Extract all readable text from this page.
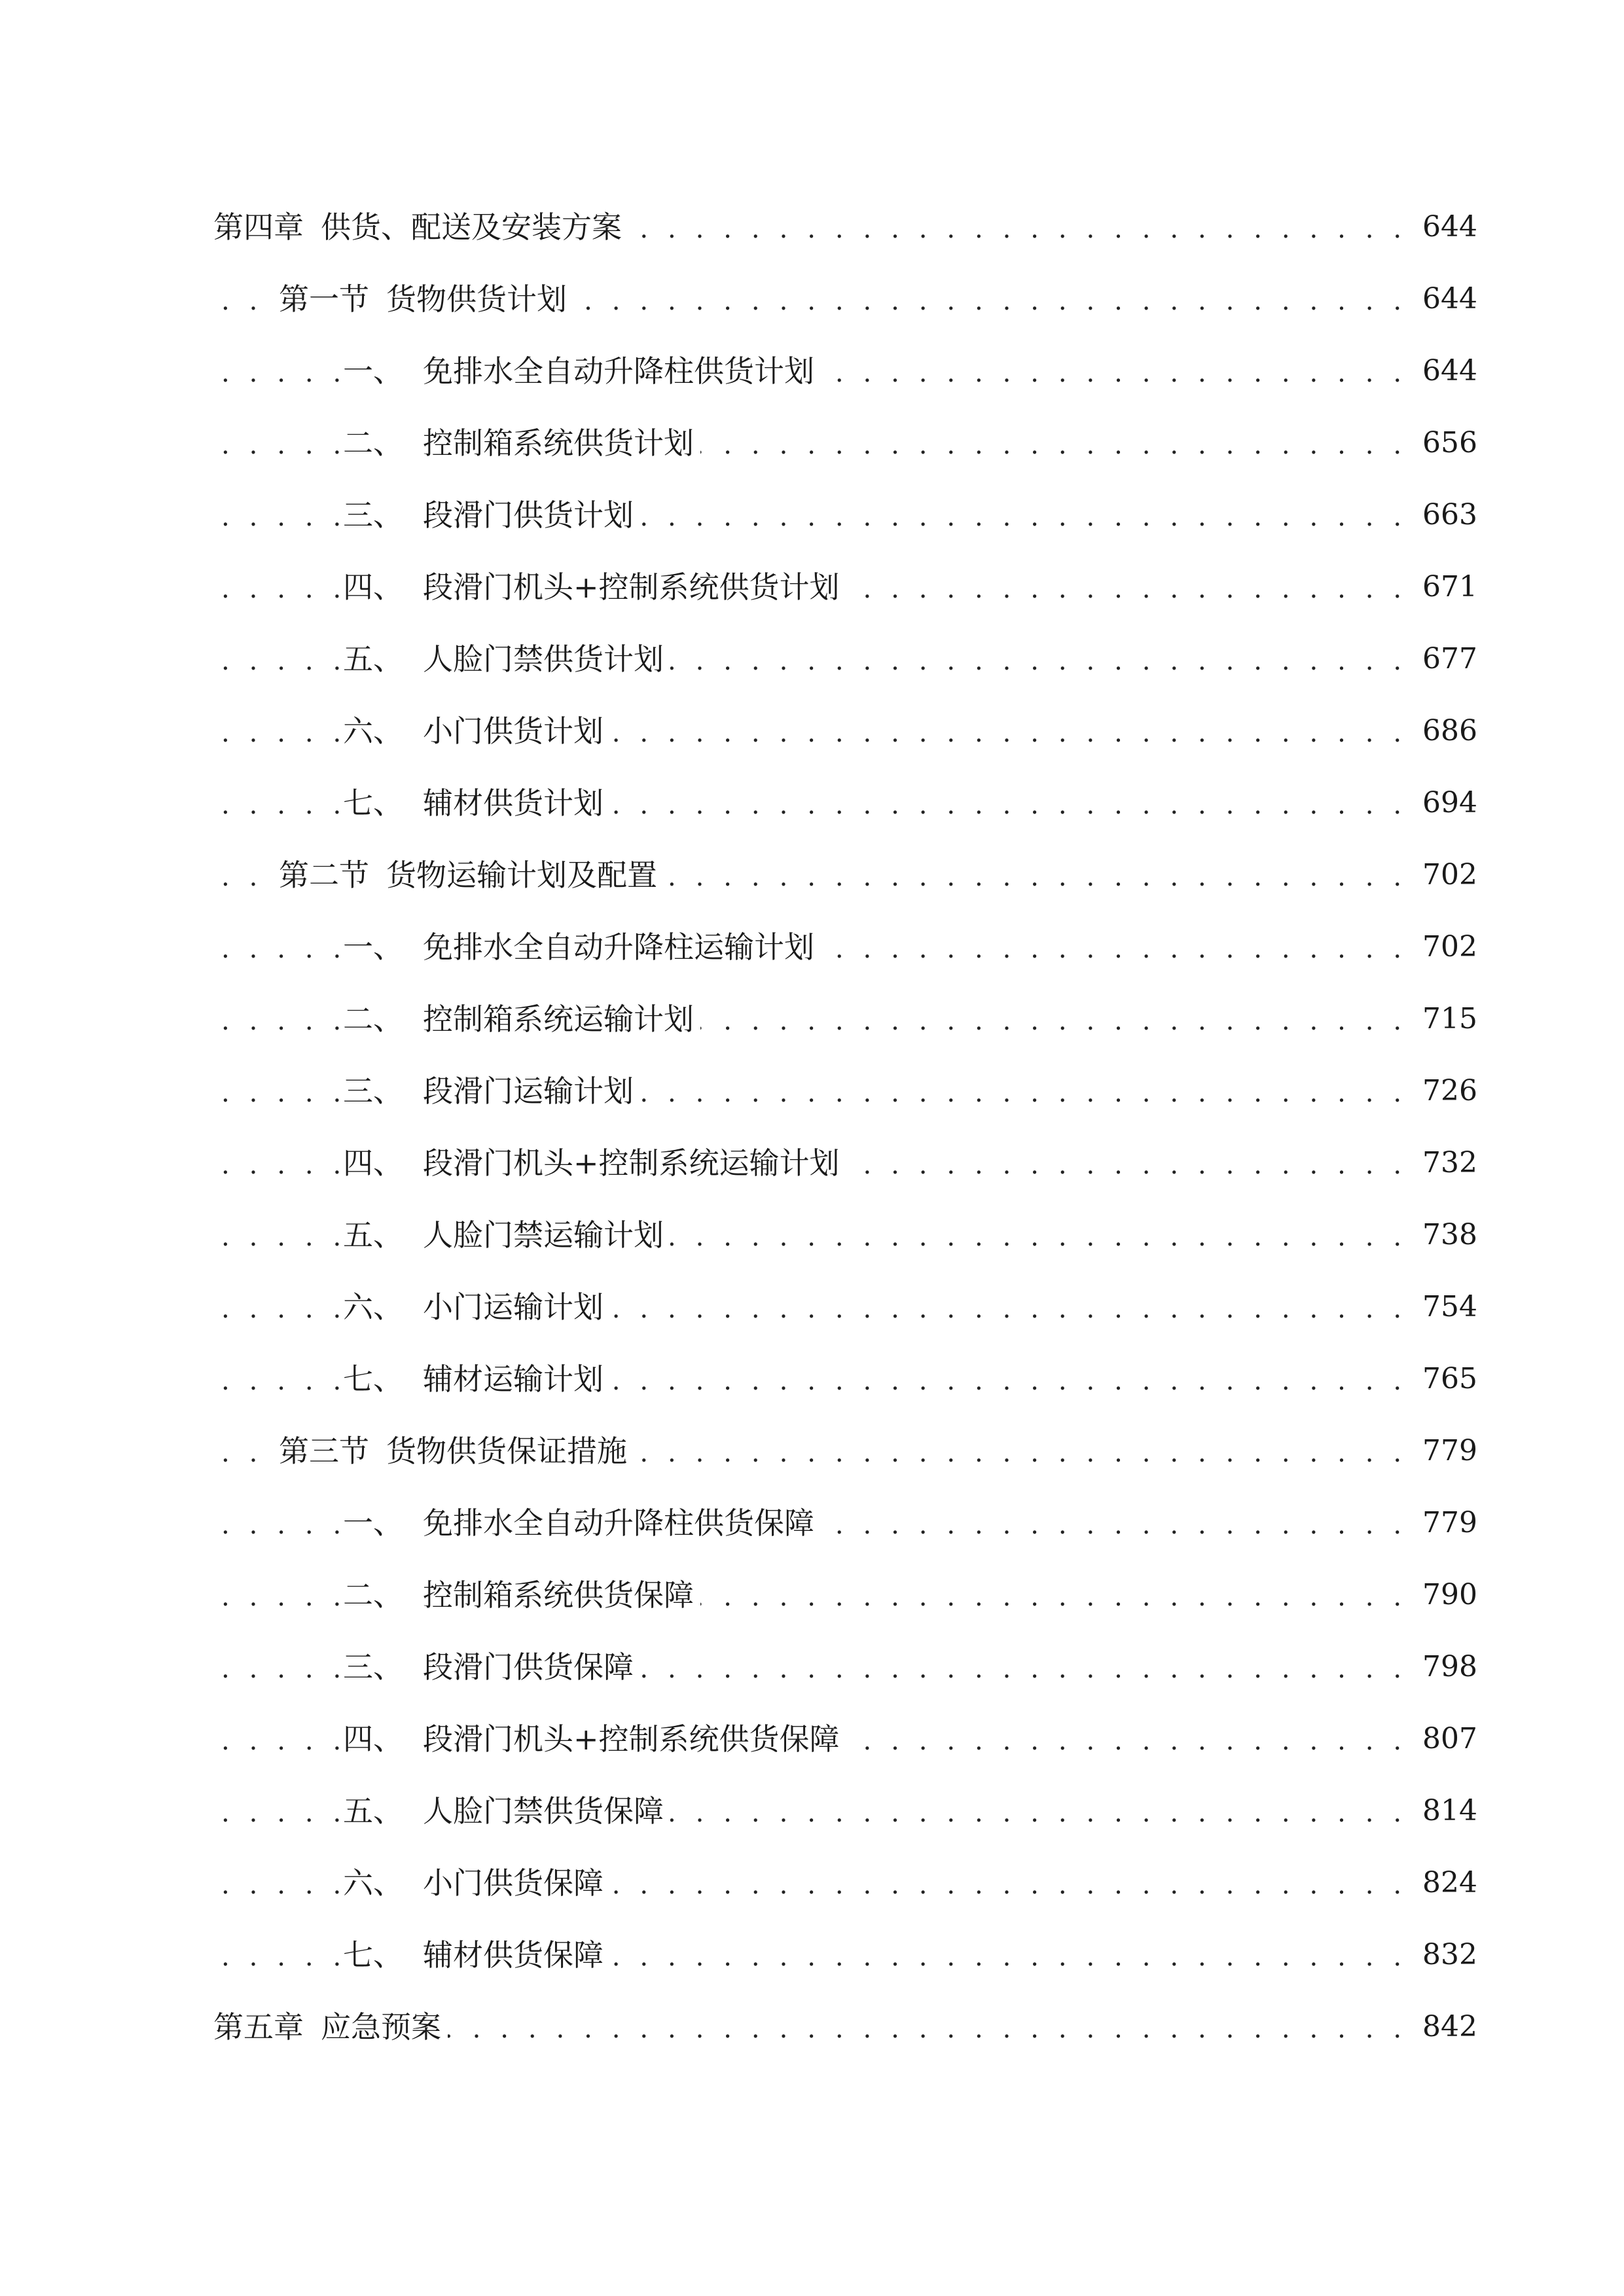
. . .
第四章 供货、配送及安装方案	644
. . .
第一节 货物供货计划	644
. . .
一、 免排水全自动升降柱供货计划	644
. . .
二、 控制箱系统供货计划	656
. . .
三、 段滑门供货计划	663
. . .
四、 段滑门机头+控制系统供货计划	671
. . .
五、 人脸门禁供货计划	677
. . .
六、 小门供货计划	686
. . .
七、 辅材供货计划	694
. . .
第二节 货物运输计划及配置	702
. . .
一、 免排水全自动升降柱运输计划	702
. . .
二、 控制箱系统运输计划	715
. . .
三、 段滑门运输计划	726
. . .
四、 段滑门机头+控制系统运输计划	732
. . .
五、 人脸门禁运输计划	738
. . .
六、 小门运输计划	754
. . .
七、 辅材运输计划	765
. . .
第三节 货物供货保证措施	779
. . .
一、 免排水全自动升降柱供货保障	779
. . .
二、 控制箱系统供货保障	790
. . .
三、 段滑门供货保障	798
. . .
四、 段滑门机头+控制系统供货保障	807
. . .
五、 人脸门禁供货保障	814
. . .
六、 小门供货保障	824
. . .
七、 辅材供货保障	832
. . .
第五章 应急预案	842
